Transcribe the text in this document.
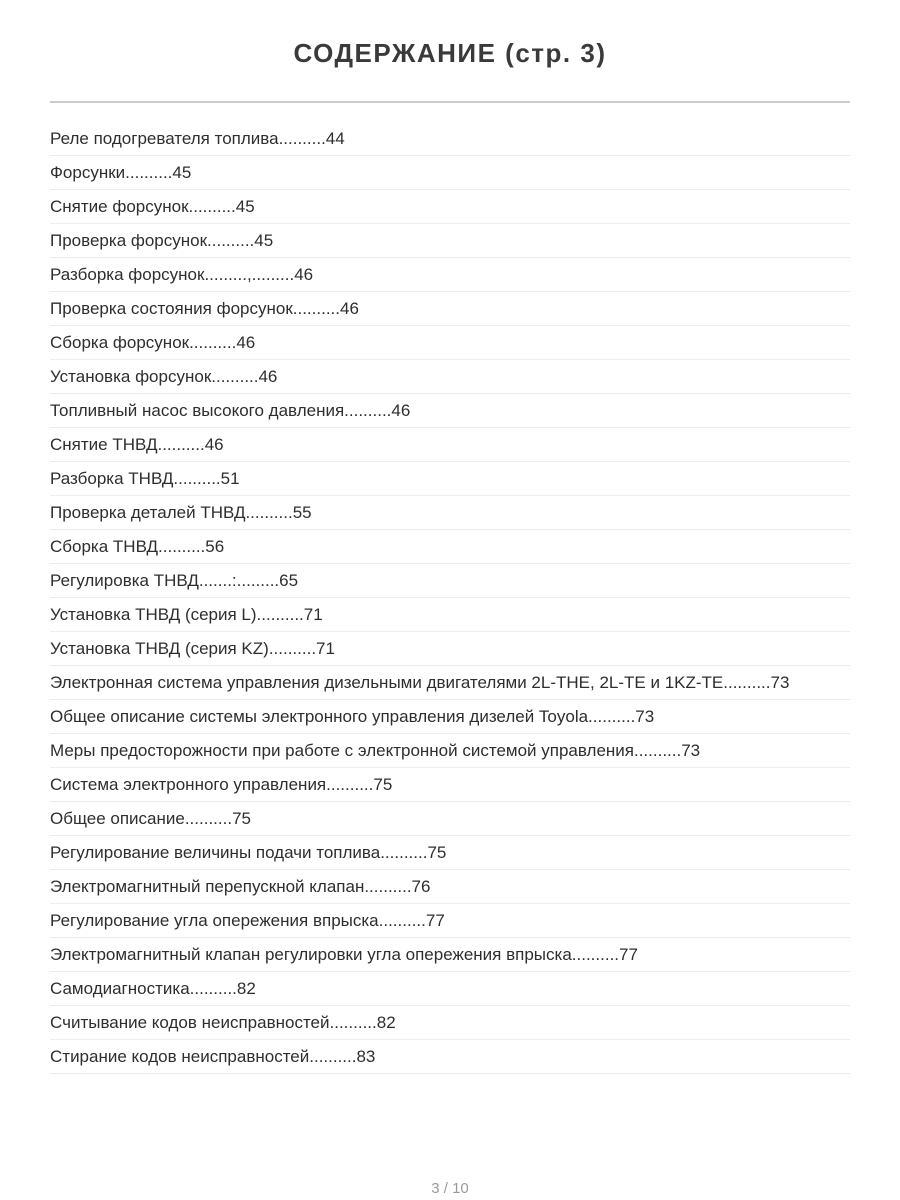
СОДЕРЖАНИЕ (стр. 3)
Реле подогревателя топлива..........44
Форсунки..........45
Снятие форсунок..........45
Проверка форсунок..........45
Разборка форсунок.........,.........46
Проверка состояния форсунок..........46
Сборка форсунок..........46
Установка форсунок..........46
Топливный насос высокого давления..........46
Снятие ТНВД..........46
Разборка ТНВД..........51
Проверка деталей ТНВД..........55
Сборка ТНВД..........56
Регулировка ТНВД.......:.........65
Установка ТНВД (серия L)..........71
Установка ТНВД (серия KZ)..........71
Электронная система управления дизельными двигателями 2L-THE, 2L-TE и 1KZ-TE..........73
Общее описание системы электронного управления дизелей Toyola..........73
Меры предосторожности при работе с электронной системой управления..........73
Система электронного управления..........75
Общее описание..........75
Регулирование величины подачи топлива..........75
Электромагнитный перепускной клапан..........76
Регулирование угла опережения впрыска..........77
Электромагнитный клапан регулировки угла опережения впрыска..........77
Самодиагностика..........82
Считывание кодов неисправностей..........82
Стирание кодов неисправностей..........83
3 / 10
